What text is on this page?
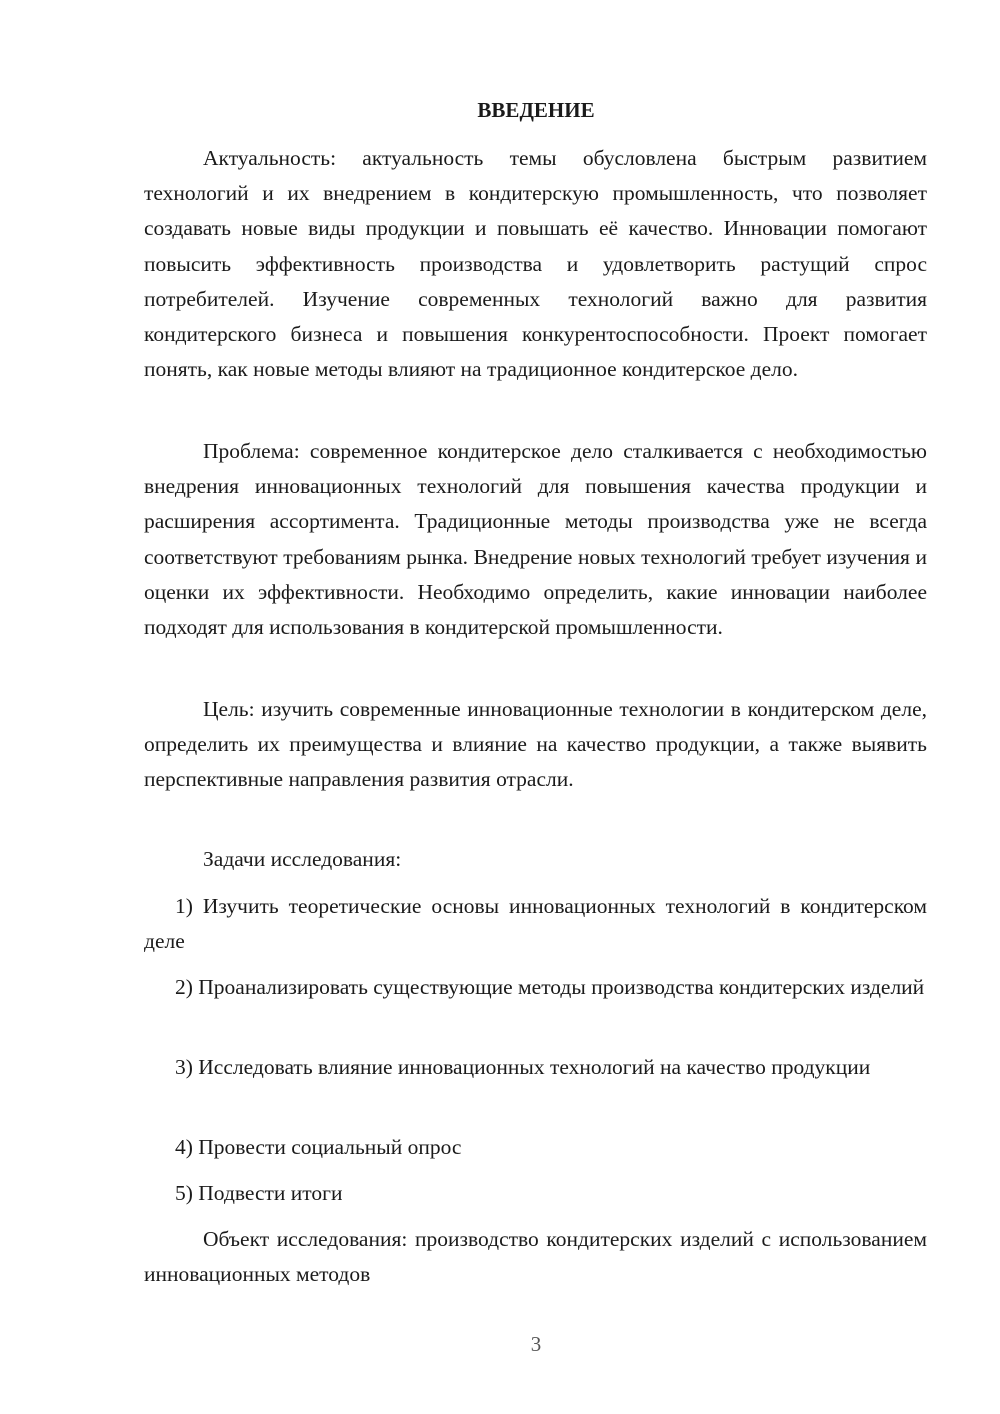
ВВЕДЕНИЕ

Актуальность: актуальность темы обусловлена быстрым развитием технологий и их внедрением в кондитерскую промышленность, что позволяет создавать новые виды продукции и повышать её качество. Инновации помогают повысить эффективность производства и удовлетворить растущий спрос потребителей. Изучение современных технологий важно для развития кондитерского бизнеса и повышения конкурентоспособности. Проект помогает понять, как новые методы влияют на традиционное кондитерское дело.

Проблема: современное кондитерское дело сталкивается с необходимостью внедрения инновационных технологий для повышения качества продукции и расширения ассортимента. Традиционные методы производства уже не всегда соответствуют требованиям рынка. Внедрение новых технологий требует изучения и оценки их эффективности. Необходимо определить, какие инновации наиболее подходят для использования в кондитерской промышленности.

Цель: изучить современные инновационные технологии в кондитерском деле, определить их преимущества и влияние на качество продукции, а также выявить перспективные направления развития отрасли.

Задачи исследования:

1) Изучить теоретические основы инновационных технологий в кондитерском деле

2) Проанализировать существующие методы производства кондитерских изделий

3) Исследовать влияние инновационных технологий на качество продукции

4) Провести социальный опрос

5) Подвести итоги

Объект исследования: производство кондитерских изделий с использованием инновационных методов

3
